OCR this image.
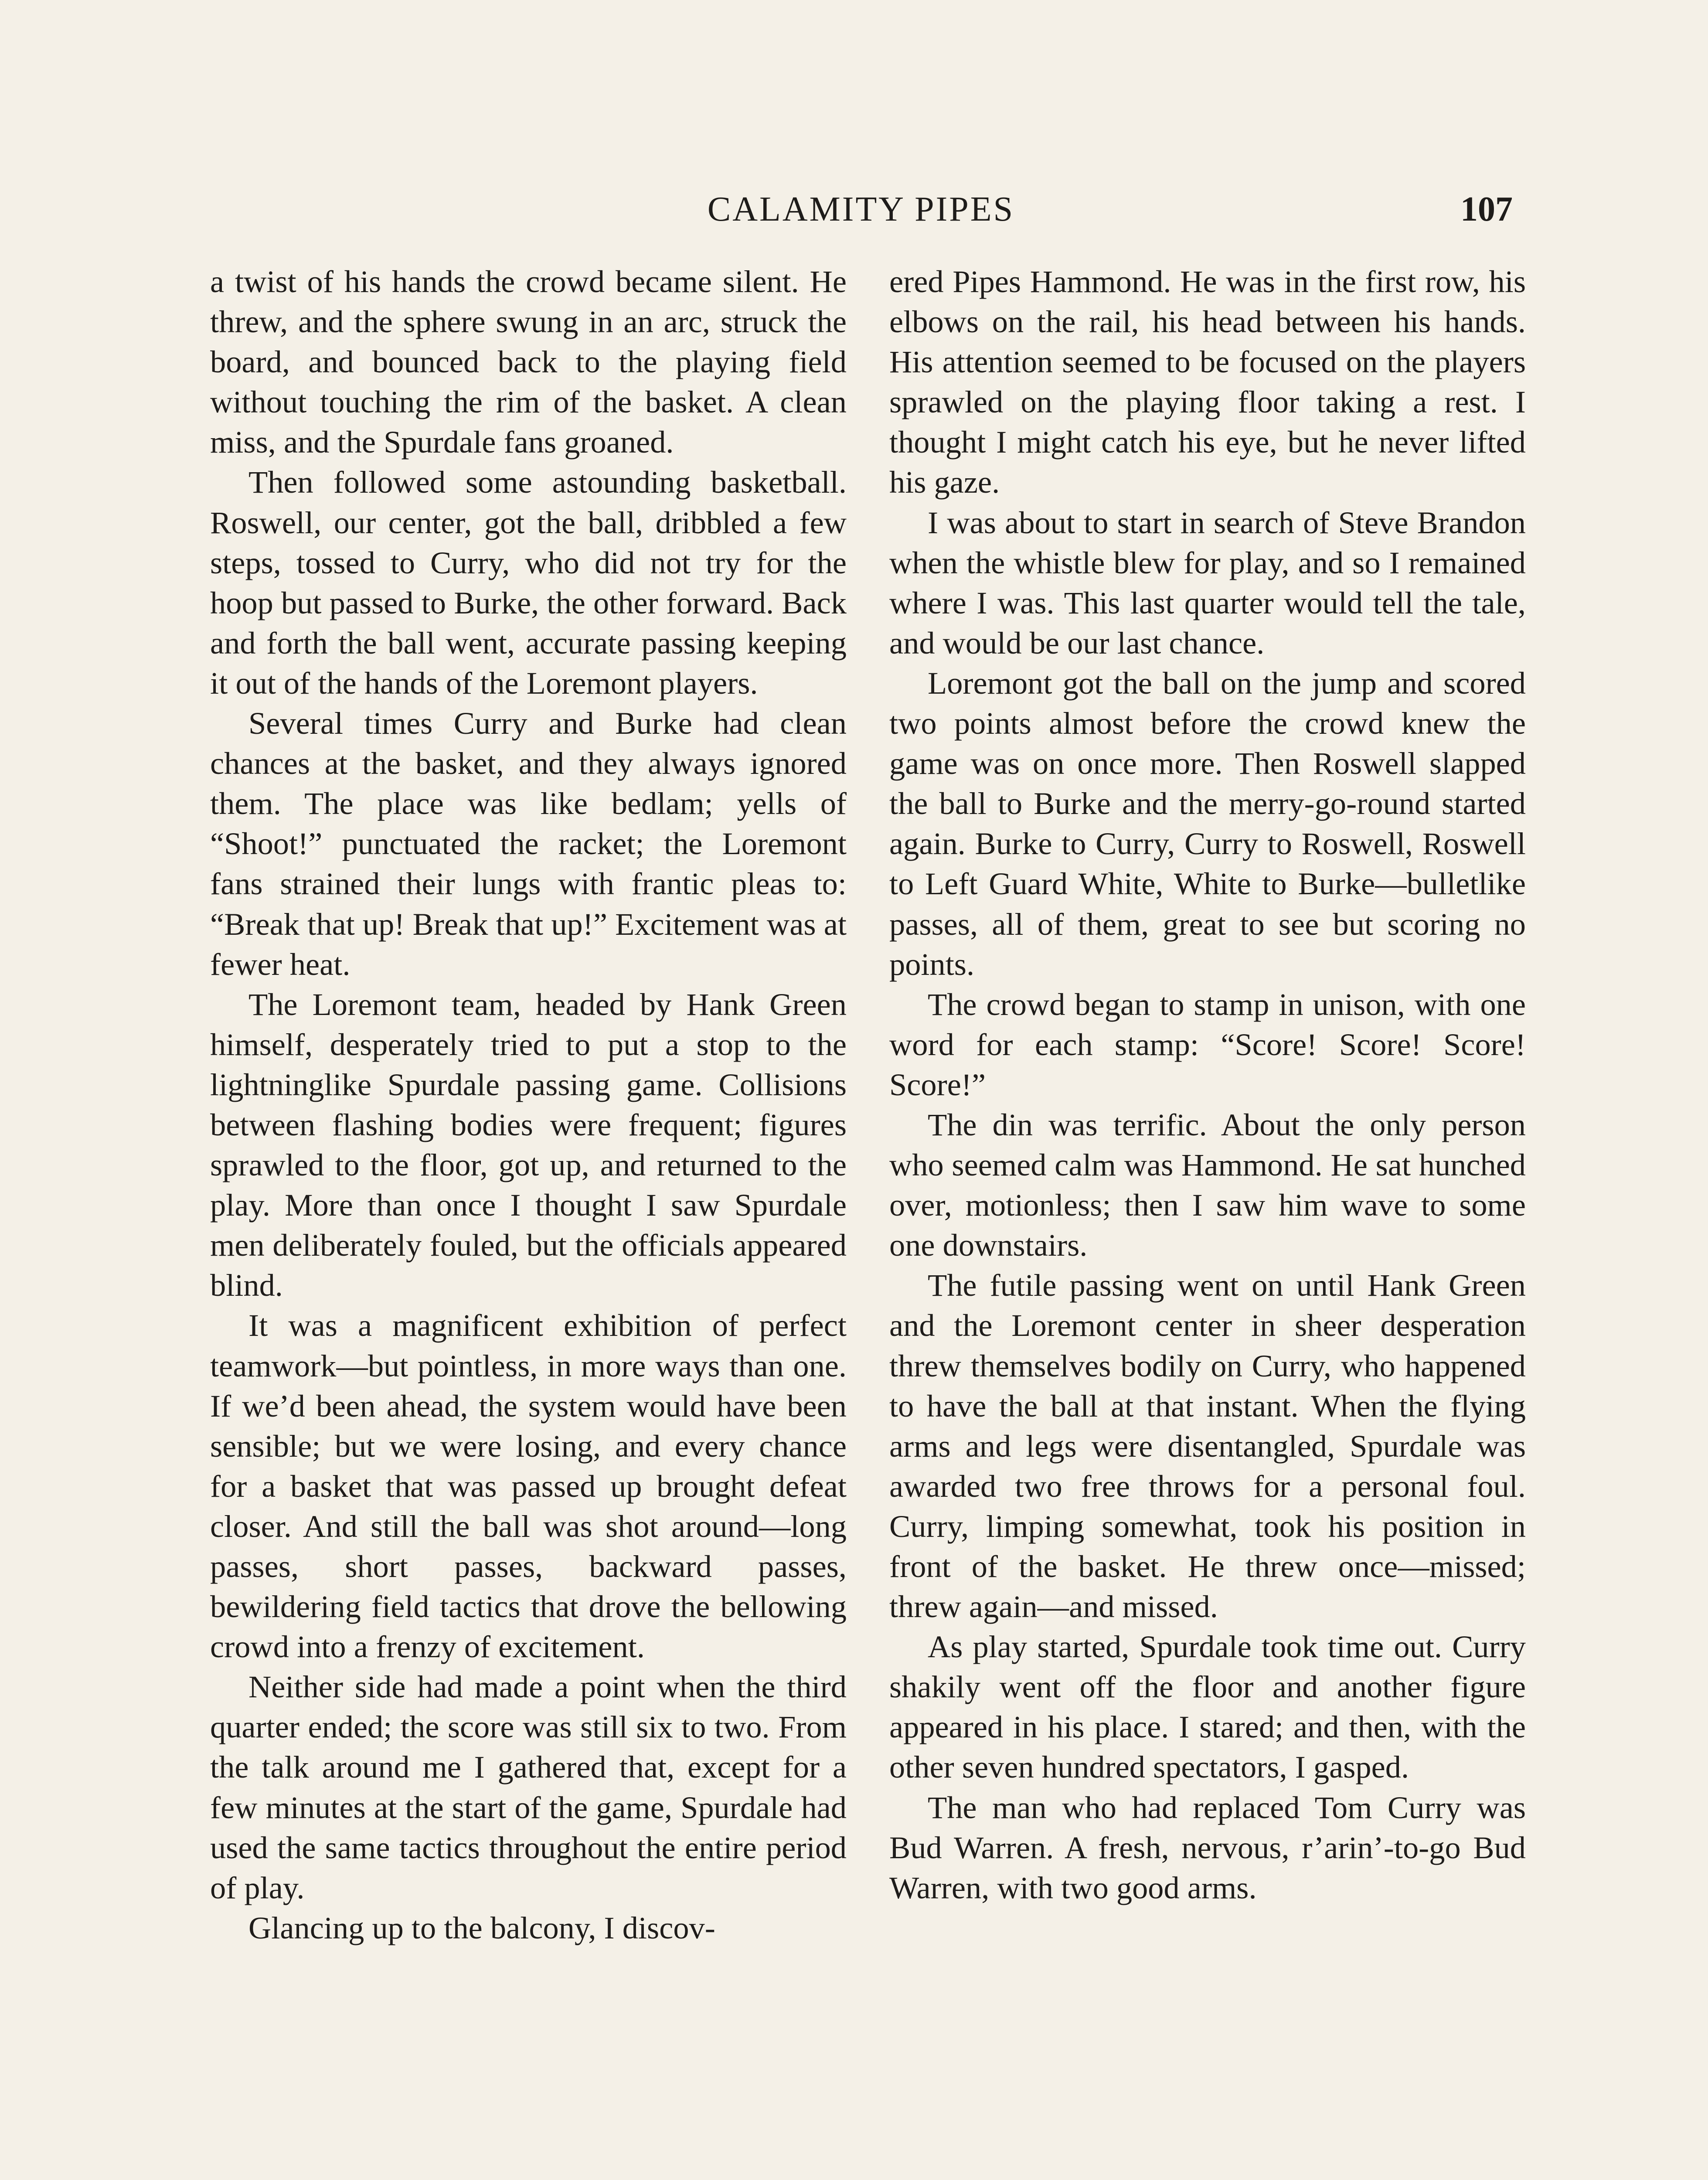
CALAMITY PIPES	107

a twist of his hands the crowd became silent. He threw, and the sphere swung in an arc, struck the board, and bounced back to the playing field without touching the rim of the basket. A clean miss, and the Spurdale fans groaned.

Then followed some astounding basketball. Roswell, our center, got the ball, dribbled a few steps, tossed to Curry, who did not try for the hoop but passed to Burke, the other forward. Back and forth the ball went, accurate passing keeping it out of the hands of the Loremont players.

Several times Curry and Burke had clean chances at the basket, and they always ignored them. The place was like bedlam; yells of “Shoot!” punctuated the racket; the Loremont fans strained their lungs with frantic pleas to: “Break that up! Break that up!” Excitement was at fewer heat.

The Loremont team, headed by Hank Green himself, desperately tried to put a stop to the lightninglike Spurdale passing game. Collisions between flashing bodies were frequent; figures sprawled to the floor, got up, and returned to the play. More than once I thought I saw Spurdale men deliberately fouled, but the officials appeared blind.

It was a magnificent exhibition of perfect teamwork—but pointless, in more ways than one. If we’d been ahead, the system would have been sensible; but we were losing, and every chance for a basket that was passed up brought defeat closer. And still the ball was shot around—long passes, short passes, backward passes, bewildering field tactics that drove the bellowing crowd into a frenzy of excitement.

Neither side had made a point when the third quarter ended; the score was still six to two. From the talk around me I gathered that, except for a few minutes at the start of the game, Spurdale had used the same tactics throughout the entire period of play.

Glancing up to the balcony, I discov-

ered Pipes Hammond. He was in the first row, his elbows on the rail, his head between his hands. His attention seemed to be focused on the players sprawled on the playing floor taking a rest. I thought I might catch his eye, but he never lifted his gaze.

I was about to start in search of Steve Brandon when the whistle blew for play, and so I remained where I was. This last quarter would tell the tale, and would be our last chance.

Loremont got the ball on the jump and scored two points almost before the crowd knew the game was on once more. Then Roswell slapped the ball to Burke and the merry-go-round started again. Burke to Curry, Curry to Roswell, Roswell to Left Guard White, White to Burke—bulletlike passes, all of them, great to see but scoring no points.

The crowd began to stamp in unison, with one word for each stamp: “Score! Score! Score! Score!”

The din was terrific. About the only person who seemed calm was Hammond. He sat hunched over, motionless; then I saw him wave to some one downstairs.

The futile passing went on until Hank Green and the Loremont center in sheer desperation threw themselves bodily on Curry, who happened to have the ball at that instant. When the flying arms and legs were disentangled, Spurdale was awarded two free throws for a personal foul. Curry, limping somewhat, took his position in front of the basket. He threw once—missed; threw again—and missed.

As play started, Spurdale took time out. Curry shakily went off the floor and another figure appeared in his place. I stared; and then, with the other seven hundred spectators, I gasped.

The man who had replaced Tom Curry was Bud Warren. A fresh, nervous, r’arin’-to-go Bud Warren, with two good arms.
